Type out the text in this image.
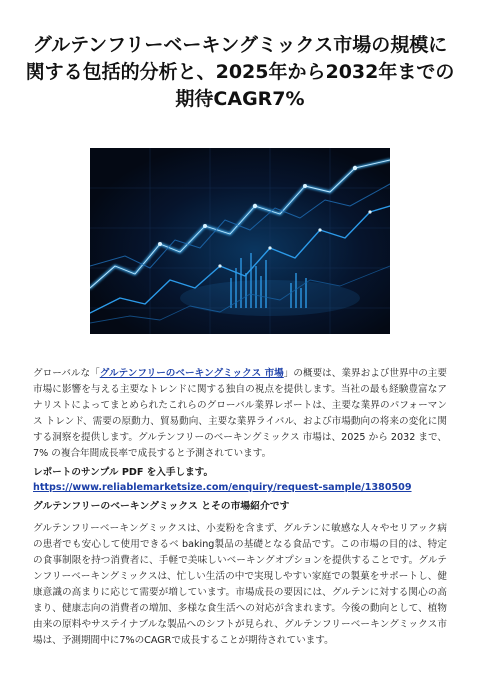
グルテンフリーベーキングミックス市場の規模に関する包括的分析と、2025年から2032年までの期待CAGR7%

グローバルな「グルテンフリーのベーキングミックス 市場」の概要は、業界および世界中の主要市場に影響を与える主要なトレンドに関する独自の視点を提供します。当社の最も経験豊富なアナリストによってまとめられたこれらのグローバル業界レポートは、主要な業界のパフォーマンス トレンド、需要の原動力、貿易動向、主要な業界ライバル、および市場動向の将来の変化に関する洞察を提供します。グルテンフリーのベーキングミックス 市場は、2025 から 2032 まで、7% の複合年間成長率で成長すると予測されています。

レポートのサンプル PDF を入手します。 https://www.reliablemarketsize.com/enquiry/request-sample/1380509

グルテンフリーのベーキングミックス とその市場紹介です

グルテンフリーベーキングミックスは、小麦粉を含まず、グルテンに敏感な人々やセリアック病の患者でも安心して使用できるベ baking製品の基礎となる食品です。この市場の目的は、特定の食事制限を持つ消費者に、手軽で美味しいベーキングオプションを提供することです。グルテンフリーベーキングミックスは、忙しい生活の中で実現しやすい家庭での製菓をサポートし、健康意識の高まりに応じて需要が増しています。市場成長の要因には、グルテンに対する関心の高まり、健康志向の消費者の増加、多様な食生活への対応が含まれます。今後の動向として、植物由来の原料やサステイナブルな製品へのシフトが見られ、グルテンフリーベーキングミックス市場は、予測期間中に7%のCAGRで成長することが期待されています。
